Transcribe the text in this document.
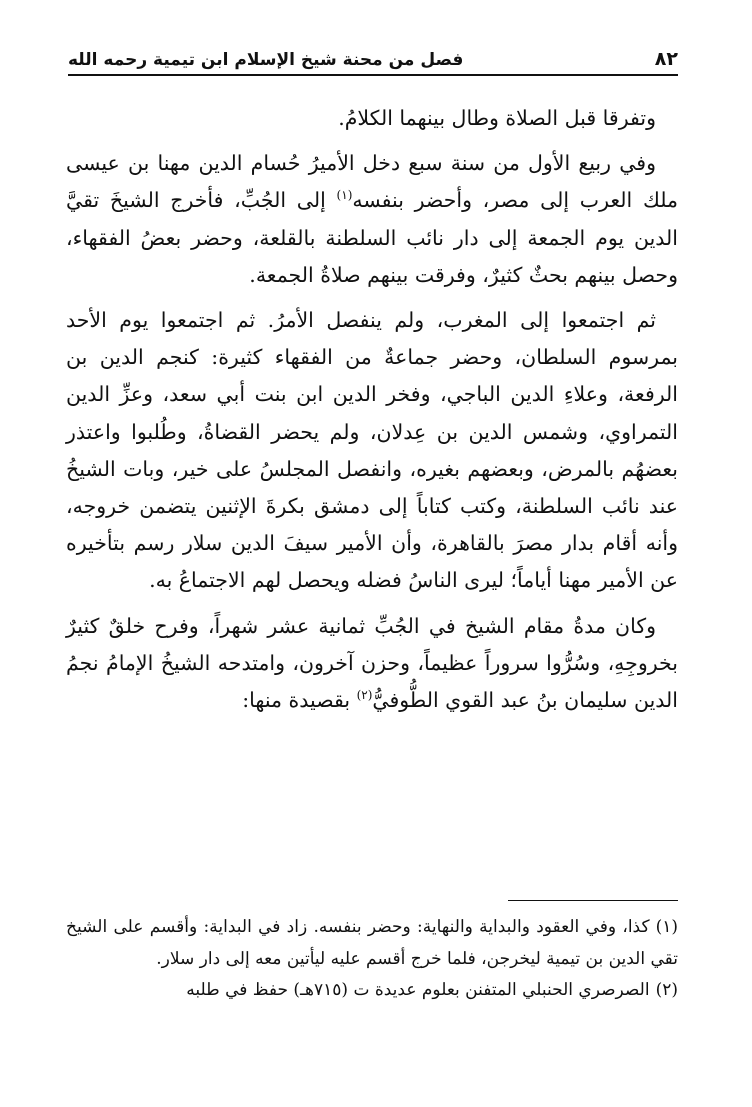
٨٢
فصل من محنة شيخ الإسلام ابن تيمية رحمه الله

وتفرقا قبل الصلاة وطال بينهما الكلامُ.

وفي ربيع الأول من سنة سبع دخل الأميرُ حُسام الدين مهنا بن عيسى ملك العرب إلى مصر، وأحضر بنفسه$^{(١)}$ إلى الجُبِّ، فأخرج الشيخَ تقيَّ الدين يوم الجمعة إلى دار نائب السلطنة بالقلعة، وحضر بعضُ الفقهاء، وحصل بينهم بحثٌ كثيرٌ، وفرقت بينهم صلاةُ الجمعة.

ثم اجتمعوا إلى المغرب، ولم ينفصل الأمرُ. ثم اجتمعوا يوم الأحد بمرسوم السلطان، وحضر جماعةٌ من الفقهاء كثيرة: كنجم الدين بن الرفعة، وعلاءِ الدين الباجي، وفخر الدين ابن بنت أبي سعد، وعزِّ الدين التمراوي، وشمس الدين بن عِدلان، ولم يحضر القضاةُ، وطُلبوا واعتذر بعضهُم بالمرض، وبعضهم بغيره، وانفصل المجلسُ على خير، وبات الشيخُ عند نائب السلطنة، وكتب كتاباً إلى دمشق بكرةَ الإثنين يتضمن خروجه، وأنه أقام بدار مصرَ بالقاهرة، وأن الأمير سيفَ الدين سلار رسم بتأخيره عن الأمير مهنا أياماً؛ ليرى الناسُ فضله ويحصل لهم الاجتماعُ به.

وكان مدةُ مقام الشيخ في الجُبِّ ثمانية عشر شهراً، وفرح خلقٌ كثيرٌ بخروجِهِ، وسُرُّوا سروراً عظيماً، وحزن آخرون، وامتدحه الشيخُ الإمامُ نجمُ الدين سليمان بنُ عبد القوي الطُّوفيُّ$^{(٢)}$ بقصيدة منها:

(١)كذا، وفي العقود والبداية والنهاية: وحضر بنفسه. زاد في البداية: وأقسم على الشيخ تقي الدين بن تيمية ليخرجن، فلما خرج أقسم عليه ليأتين معه إلى دار سلار.

(٢)الصرصري الحنبلي المتفنن بعلوم عديدة ت (٧١٥هـ) حفظ في طلبه
